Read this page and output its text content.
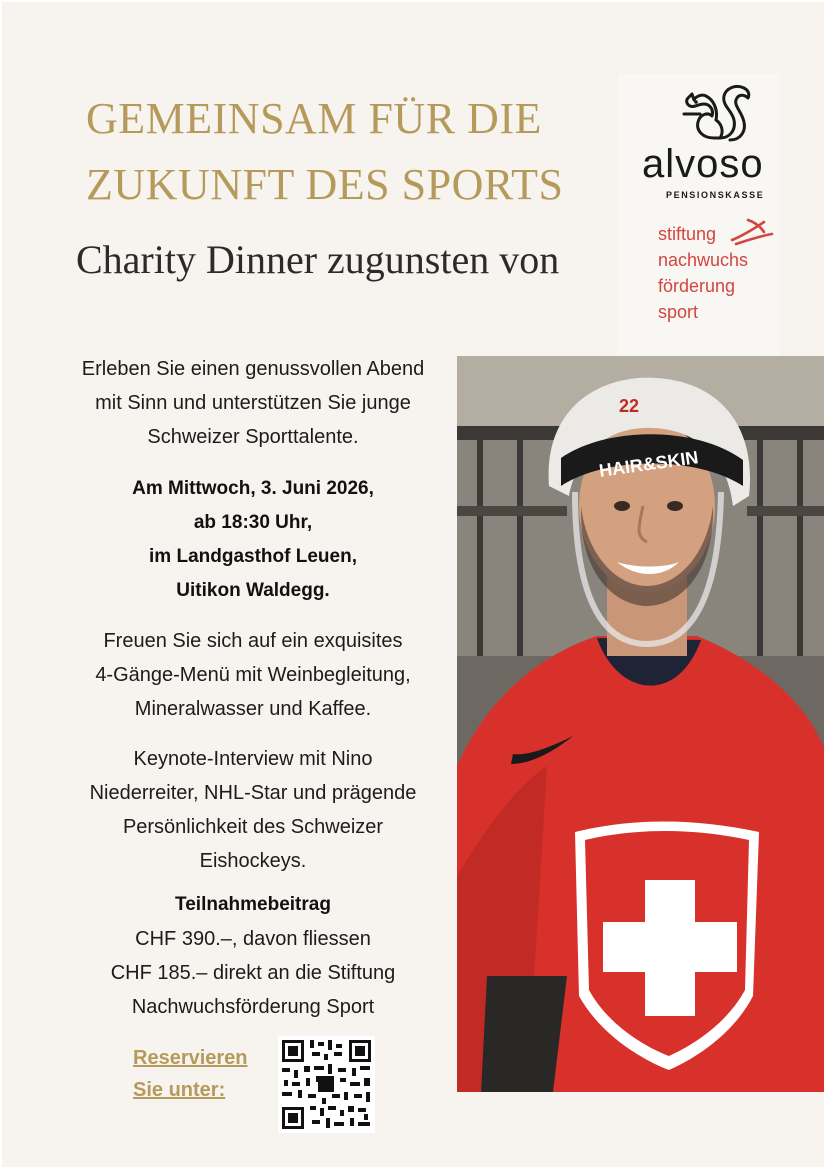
GEMEINSAM FÜR DIE
ZUKUNFT DES SPORTS
Charity Dinner zugunsten von
alvoso
PENSIONSKASSE
stiftung
nachwuchs
förderung
sport
Erleben Sie einen genussvollen Abend
mit Sinn und unterstützen Sie junge
Schweizer Sporttalente.
Am Mittwoch, 3. Juni 2026,
ab 18:30 Uhr,
im Landgasthof Leuen,
Uitikon Waldegg.
Freuen Sie sich auf ein exquisites
4-Gänge-Menü mit Weinbegleitung,
Mineralwasser und Kaffee.
Keynote-Interview mit Nino
Niederreiter, NHL-Star und prägende
Persönlichkeit des Schweizer
Eishockeys.
Teilnahmebeitrag
CHF 390.–, davon fliessen
CHF 185.– direkt an die Stiftung
Nachwuchsförderung Sport
HAIR&SKIN
22
Reservieren
Sie unter:
